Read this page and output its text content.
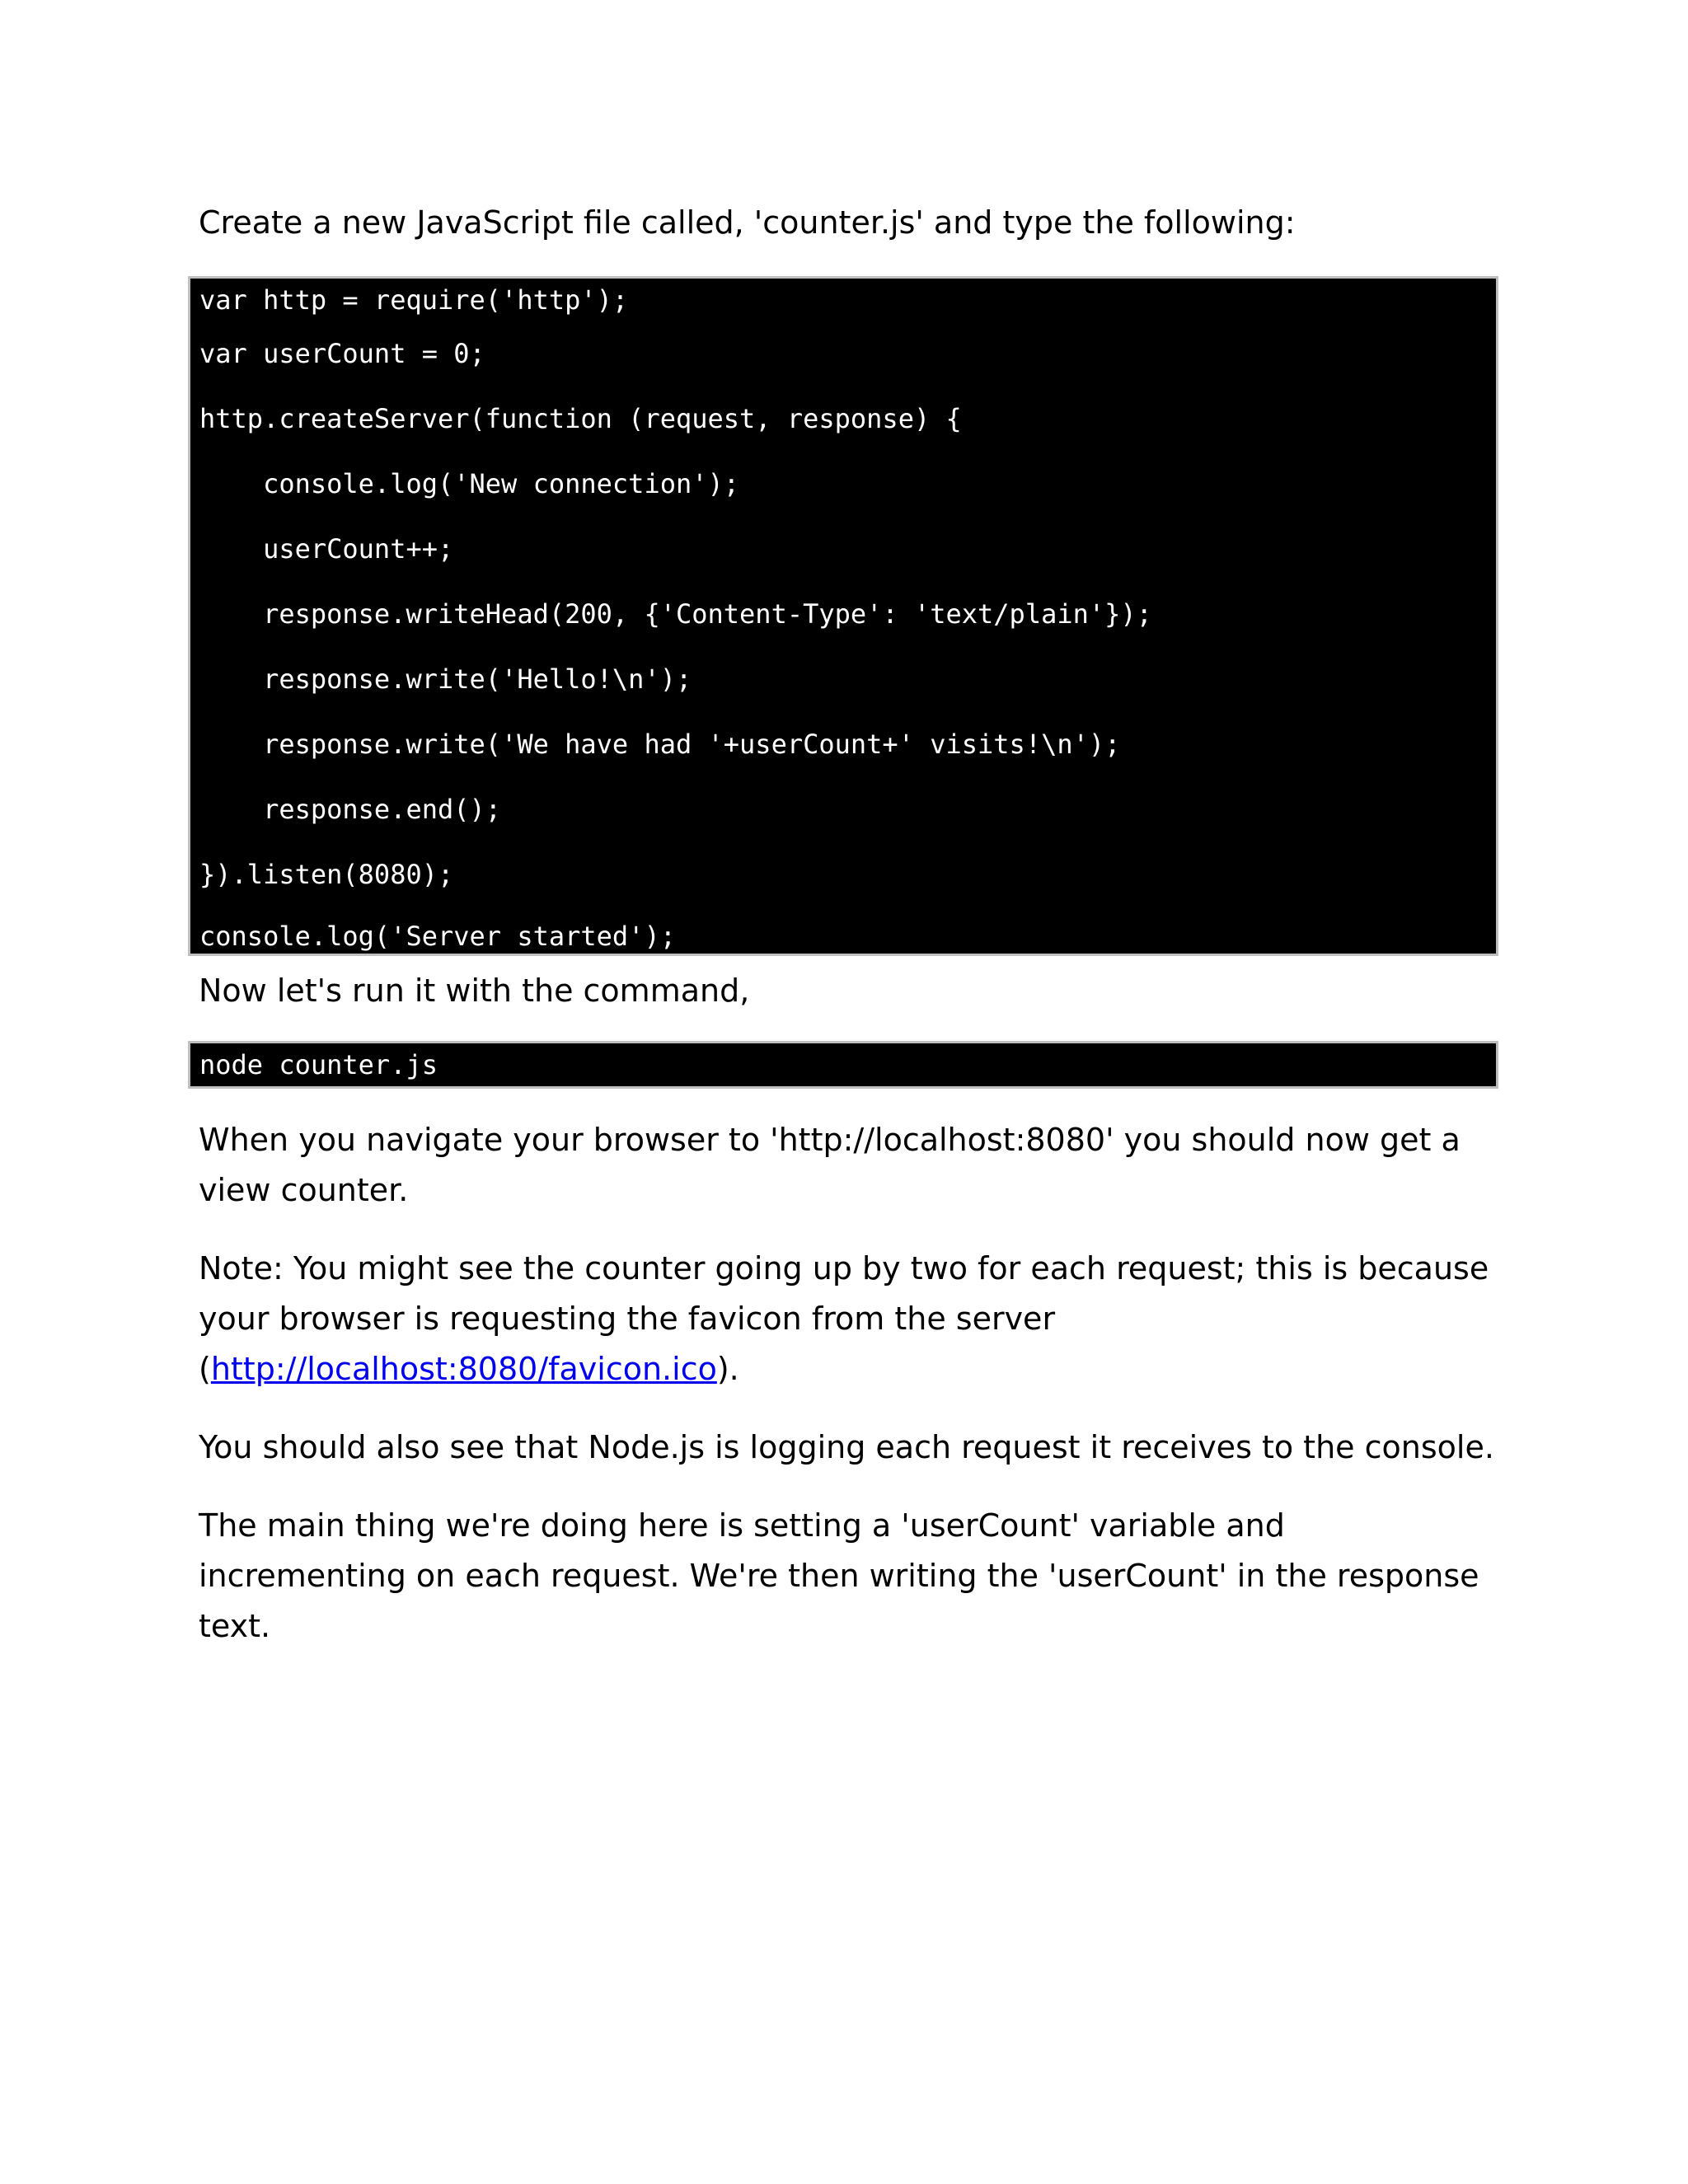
Create a new JavaScript file called, 'counter.js' and type the following:

var http = require('http');
var userCount = 0;
http.createServer(function (request, response) {
console.log('New connection');
userCount++;
response.writeHead(200, {'Content-Type': 'text/plain'});
response.write('Hello!\n');
response.write('We have had '+userCount+' visits!\n');
response.end();
}).listen(8080);
console.log('Server started');

Now let's run it with the command,

node counter.js

When you navigate your browser to 'http://localhost:8080' you should now get a view counter.

Note: You might see the counter going up by two for each request; this is because your browser is requesting the favicon from the server (http://localhost:8080/favicon.ico).

You should also see that Node.js is logging each request it receives to the console.

The main thing we're doing here is setting a 'userCount' variable and incrementing on each request. We're then writing the 'userCount' in the response text.
